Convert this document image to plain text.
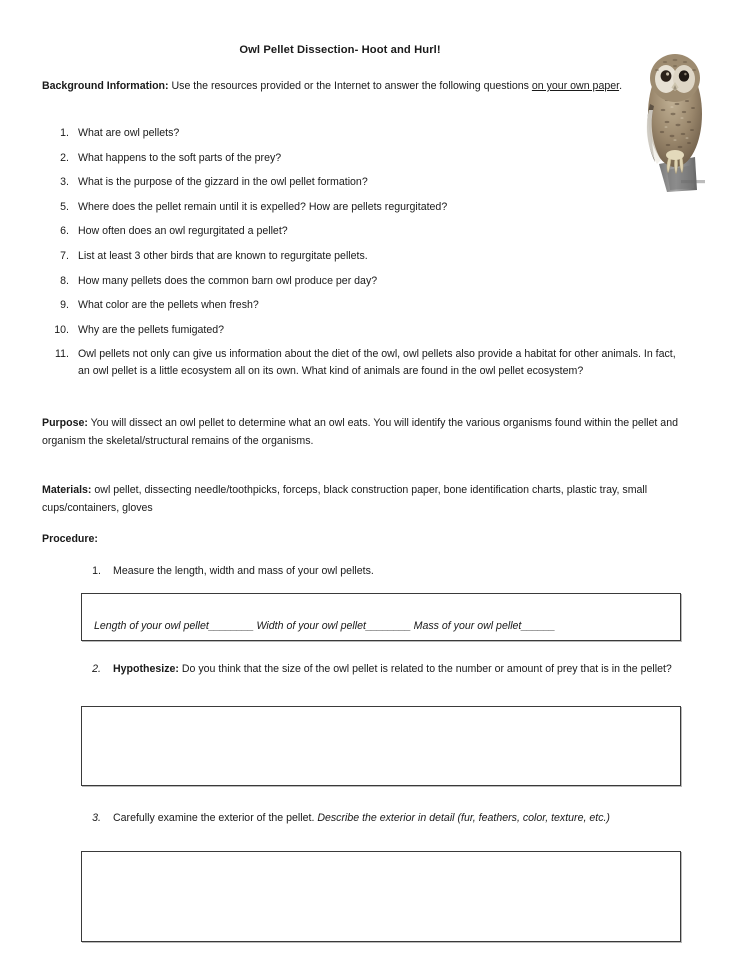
Owl Pellet Dissection- Hoot and Hurl!
Background Information: Use the resources provided or the Internet to answer the following questions on your own paper.
1. What are owl pellets?
2. What happens to the soft parts of the prey?
3. What is the purpose of the gizzard in the owl pellet formation?
5. Where does the pellet remain until it is expelled? How are pellets regurgitated?
6. How often does an owl regurgitated a pellet?
7. List at least 3 other birds that are known to regurgitate pellets.
8. How many pellets does the common barn owl produce per day?
9. What color are the pellets when fresh?
10. Why are the pellets fumigated?
11. Owl pellets not only can give us information about the diet of the owl, owl pellets also provide a habitat for other animals. In fact, an owl pellet is a little ecosystem all on its own. What kind of animals are found in the owl pellet ecosystem?
Purpose: You will dissect an owl pellet to determine what an owl eats. You will identify the various organisms found within the pellet and organism the skeletal/structural remains of the organisms.
Materials: owl pellet, dissecting needle/toothpicks, forceps, black construction paper, bone identification charts, plastic tray, small cups/containers, gloves
Procedure:
1.	Measure the length, width and mass of your owl pellets.
Length of your owl pellet________ Width of your owl pellet________ Mass of your owl pellet______
2.	Hypothesize: Do you think that the size of the owl pellet is related to the number or amount of prey that is in the pellet?
3.	Carefully examine the exterior of the pellet. Describe the exterior in detail (fur, feathers, color, texture, etc.)
